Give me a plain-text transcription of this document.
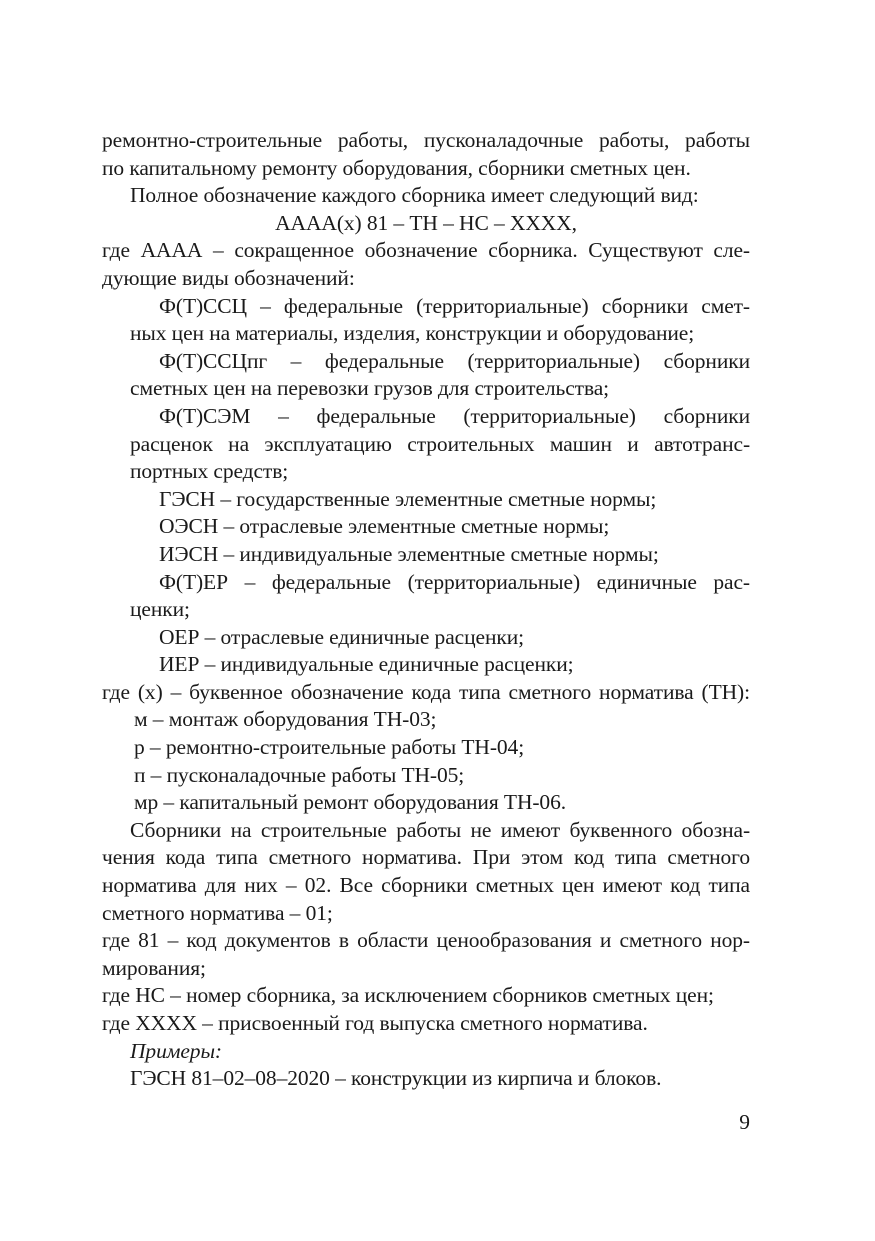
ремонтно-строительные работы, пусконаладочные работы, работы
по капитальному ремонту оборудования, сборники сметных цен.
Полное обозначение каждого сборника имеет следующий вид:
АААА(х) 81 – ТН – НС – ХХХХ,
где АААА – сокращенное обозначение сборника. Существуют сле-
дующие виды обозначений:
Ф(Т)ССЦ – федеральные (территориальные) сборники смет-
ных цен на материалы, изделия, конструкции и оборудование;
Ф(Т)ССЦпг – федеральные (территориальные) сборники
сметных цен на перевозки грузов для строительства;
Ф(Т)СЭМ – федеральные (территориальные) сборники
расценок на эксплуатацию строительных машин и автотранс-
портных средств;
ГЭСН – государственные элементные сметные нормы;
ОЭСН – отраслевые элементные сметные нормы;
ИЭСН – индивидуальные элементные сметные нормы;
Ф(Т)ЕР – федеральные (территориальные) единичные рас-
ценки;
ОЕР – отраслевые единичные расценки;
ИЕР – индивидуальные единичные расценки;
где (х) – буквенное обозначение кода типа сметного норматива (ТН):
м – монтаж оборудования ТН-03;
р – ремонтно-строительные работы ТН-04;
п – пусконаладочные работы ТН-05;
мр – капитальный ремонт оборудования ТН-06.
Сборники на строительные работы не имеют буквенного обозна-
чения кода типа сметного норматива. При этом код типа сметного
норматива для них – 02. Все сборники сметных цен имеют код типа
сметного норматива – 01;
где 81 – код документов в области ценообразования и сметного нор-
мирования;
где НС – номер сборника, за исключением сборников сметных цен;
где ХХХХ – присвоенный год выпуска сметного норматива.
Примеры:
ГЭСН 81–02–08–2020 – конструкции из кирпича и блоков.
9
